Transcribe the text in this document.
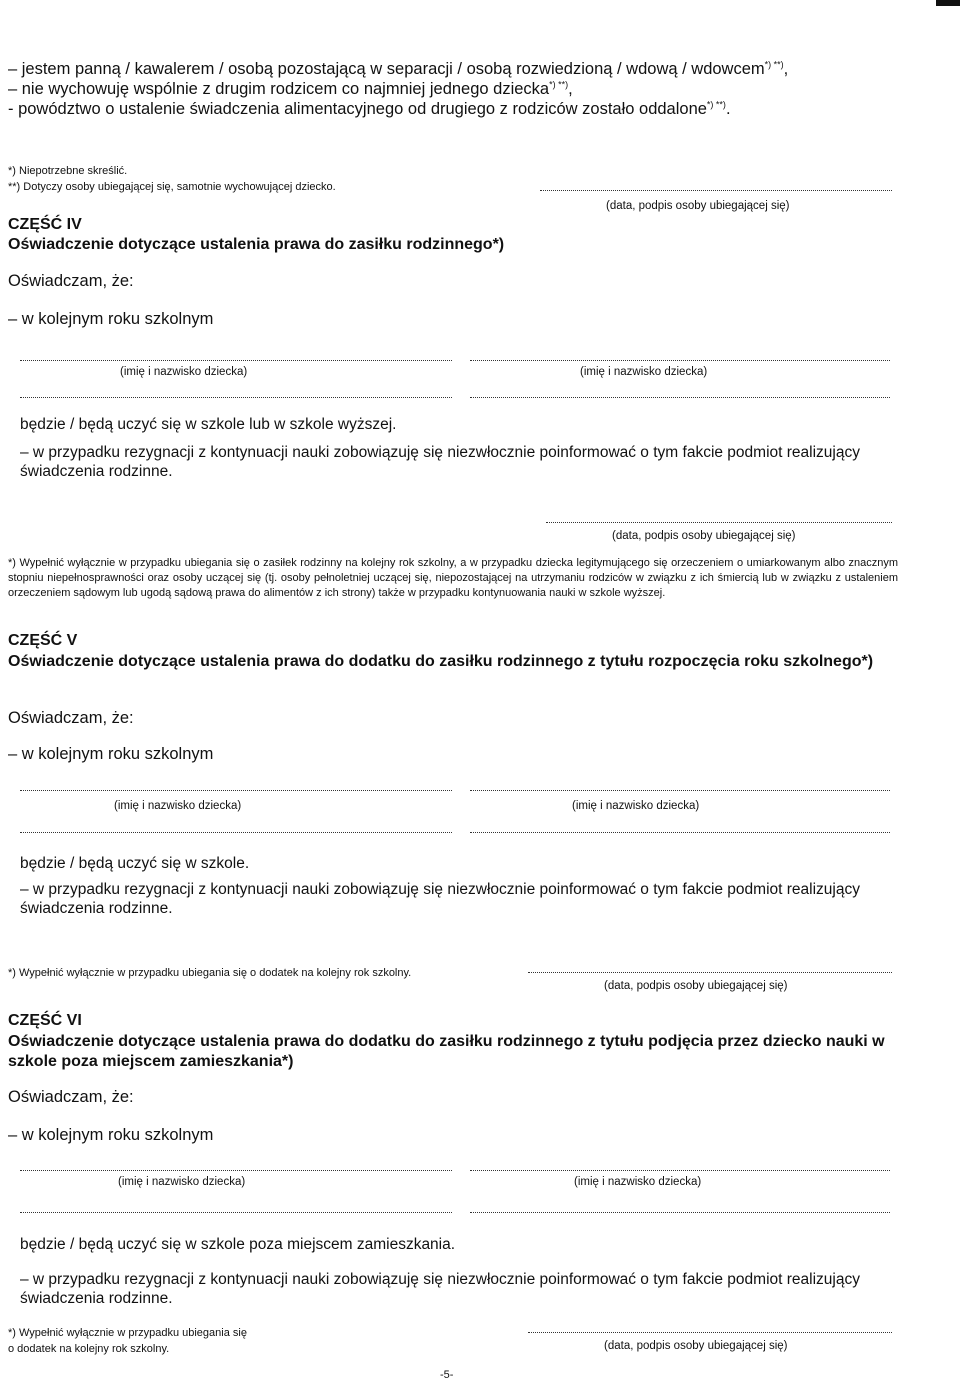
– jestem panną / kawalerem / osobą pozostającą w separacji / osobą rozwiedzioną / wdową / wdowcem*) **),
– nie wychowuję wspólnie z drugim rodzicem co najmniej jednego dziecka*) **),
- powództwo o ustalenie świadczenia alimentacyjnego od drugiego z rodziców zostało oddalone*) **).
*) Niepotrzebne skreślić.
**) Dotyczy osoby ubiegającej się, samotnie wychowującej dziecko.
(data, podpis osoby ubiegającej się)
CZĘŚĆ IV
Oświadczenie dotyczące ustalenia prawa do zasiłku rodzinnego*)
Oświadczam, że:
– w kolejnym roku szkolnym
(imię i nazwisko dziecka)	(imię i nazwisko dziecka)
będzie / będą uczyć się w szkole lub w szkole wyższej.
– w przypadku rezygnacji z kontynuacji nauki zobowiązuję się niezwłocznie poinformować o tym fakcie podmiot realizujący świadczenia rodzinne.
(data, podpis osoby ubiegającej się)
*) Wypełnić wyłącznie w przypadku ubiegania się o zasiłek rodzinny na kolejny rok szkolny, a w przypadku dziecka legitymującego się orzeczeniem o umiarkowanym albo znacznym stopniu niepełnosprawności oraz osoby uczącej się (tj. osoby pełnoletniej uczącej się, niepozostającej na utrzymaniu rodziców w związku z ich śmiercią lub w związku z ustaleniem orzeczeniem sądowym lub ugodą sądową prawa do alimentów z ich strony) także w przypadku kontynuowania nauki w szkole wyższej.
CZĘŚĆ V
Oświadczenie dotyczące ustalenia prawa do dodatku do zasiłku rodzinnego z tytułu rozpoczęcia roku szkolnego*)
Oświadczam, że:
– w kolejnym roku szkolnym
(imię i nazwisko dziecka)	(imię i nazwisko dziecka)
będzie / będą uczyć się w szkole.
– w przypadku rezygnacji z kontynuacji nauki zobowiązuję się niezwłocznie poinformować o tym fakcie podmiot realizujący świadczenia rodzinne.
*) Wypełnić wyłącznie w przypadku ubiegania się o dodatek na kolejny rok szkolny.
(data, podpis osoby ubiegającej się)
CZĘŚĆ VI
Oświadczenie dotyczące ustalenia prawa do dodatku do zasiłku rodzinnego z tytułu podjęcia przez dziecko nauki w szkole poza miejscem zamieszkania*)
Oświadczam, że:
– w kolejnym roku szkolnym
(imię i nazwisko dziecka)	(imię i nazwisko dziecka)
będzie / będą uczyć się w szkole poza miejscem zamieszkania.
– w przypadku rezygnacji z kontynuacji nauki zobowiązuję się niezwłocznie poinformować o tym fakcie podmiot realizujący świadczenia rodzinne.
*) Wypełnić wyłącznie w przypadku ubiegania się
o dodatek na kolejny rok szkolny.	(data, podpis osoby ubiegającej się)
-5-
